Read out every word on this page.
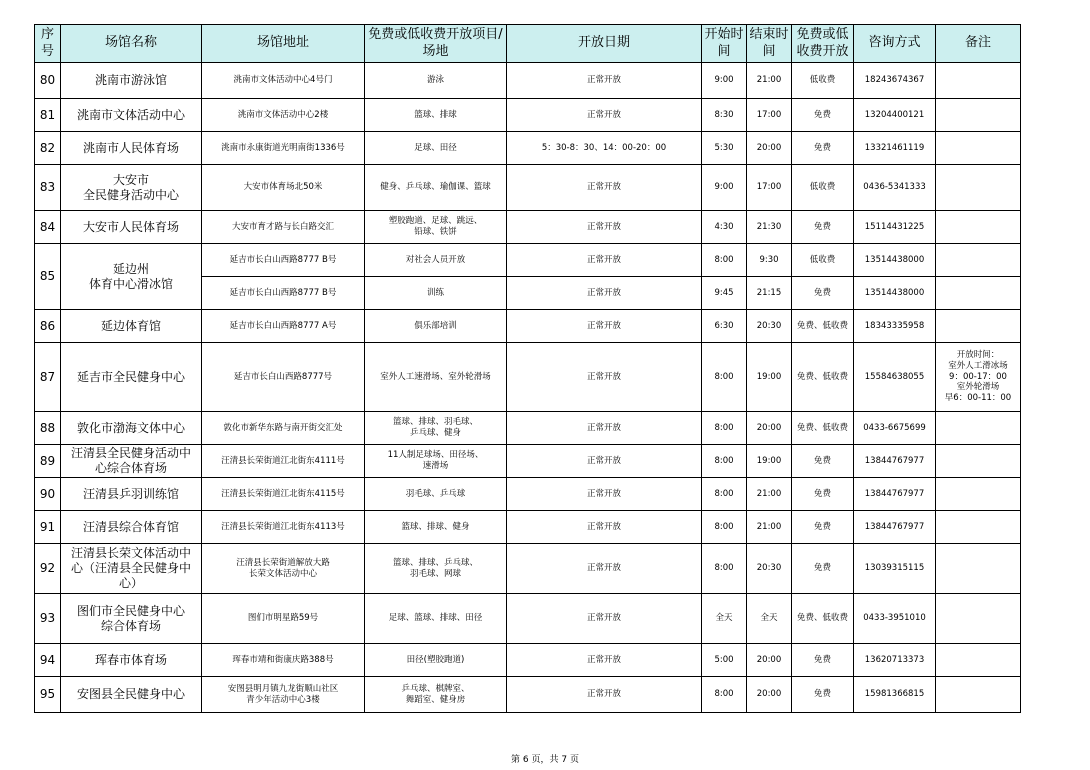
序号	场馆名称	场馆地址	免费或低收费开放项目/场地	开放日期	开始时间	结束时间	免费或低收费开放	咨询方式	备注
80	洮南市游泳馆	洮南市文体活动中心4号门	游泳	正常开放	9:00	21:00	低收费	18243674367	
81	洮南市文体活动中心	洮南市文体活动中心2楼	篮球、排球	正常开放	8:30	17:00	免费	13204400121	
82	洮南市人民体育场	洮南市永康街道光明南街1336号	足球、田径	5：30-8：30、14：00-20：00	5:30	20:00	免费	13321461119	
83	大安市
全民健身活动中心	大安市体育场北50米	健身、乒乓球、瑜伽课、篮球	正常开放	9:00	17:00	低收费	0436-5341333	
84	大安市人民体育场	大安市育才路与长白路交汇	塑胶跑道、足球、跳远、
铅球、铁饼	正常开放	4:30	21:30	免费	15114431225	
85	延边州
体育中心滑冰馆	延吉市长白山西路8777 B号	对社会人员开放	正常开放	8:00	9:30	低收费	13514438000	
		延吉市长白山西路8777 B号	训练	正常开放	9:45	21:15	免费	13514438000	
86	延边体育馆	延吉市长白山西路8777 A号	俱乐部培训	正常开放	6:30	20:30	免费、低收费	18343335958	
87	延吉市全民健身中心	延吉市长白山西路8777号	室外人工速滑场、室外轮滑场	正常开放	8:00	19:00	免费、低收费	15584638055	开放时间：
室外人工滑冰场
9：00-17：00
室外轮滑场
早6：00-11：00
88	敦化市渤海文体中心	敦化市新华东路与南开街交汇处	篮球、排球、羽毛球、
乒乓球、健身	正常开放	8:00	20:00	免费、低收费	0433-6675699	
89	汪清县全民健身活动中
心综合体育场	汪清县长荣街道江北街东4111号	11人制足球场、田径场、
速滑场	正常开放	8:00	19:00	免费	13844767977	
90	汪清县乒羽训练馆	汪清县长荣街道江北街东4115号	羽毛球、乒乓球	正常开放	8:00	21:00	免费	13844767977	
91	汪清县综合体育馆	汪清县长荣街道江北街东4113号	篮球、排球、健身	正常开放	8:00	21:00	免费	13844767977	
92	汪清县长荣文体活动中
心（汪清县全民健身中
心）	汪清县长荣街道解放大路
长荣文体活动中心	篮球、排球、乒乓球、
羽毛球、网球	正常开放	8:00	20:30	免费	13039315115	
93	图们市全民健身中心
综合体育场	图们市明星路59号	足球、篮球、排球、田径	正常开放	全天	全天	免费、低收费	0433-3951010	
94	珲春市体育场	珲春市靖和街康庆路388号	田径(塑胶跑道)	正常开放	5:00	20:00	免费	13620713373	
95	安图县全民健身中心	安图县明月镇九龙街顺山社区
青少年活动中心3楼	乒乓球、棋牌室、
舞蹈室、健身房	正常开放	8:00	20:00	免费	15981366815	
第 6 页，共 7 页
